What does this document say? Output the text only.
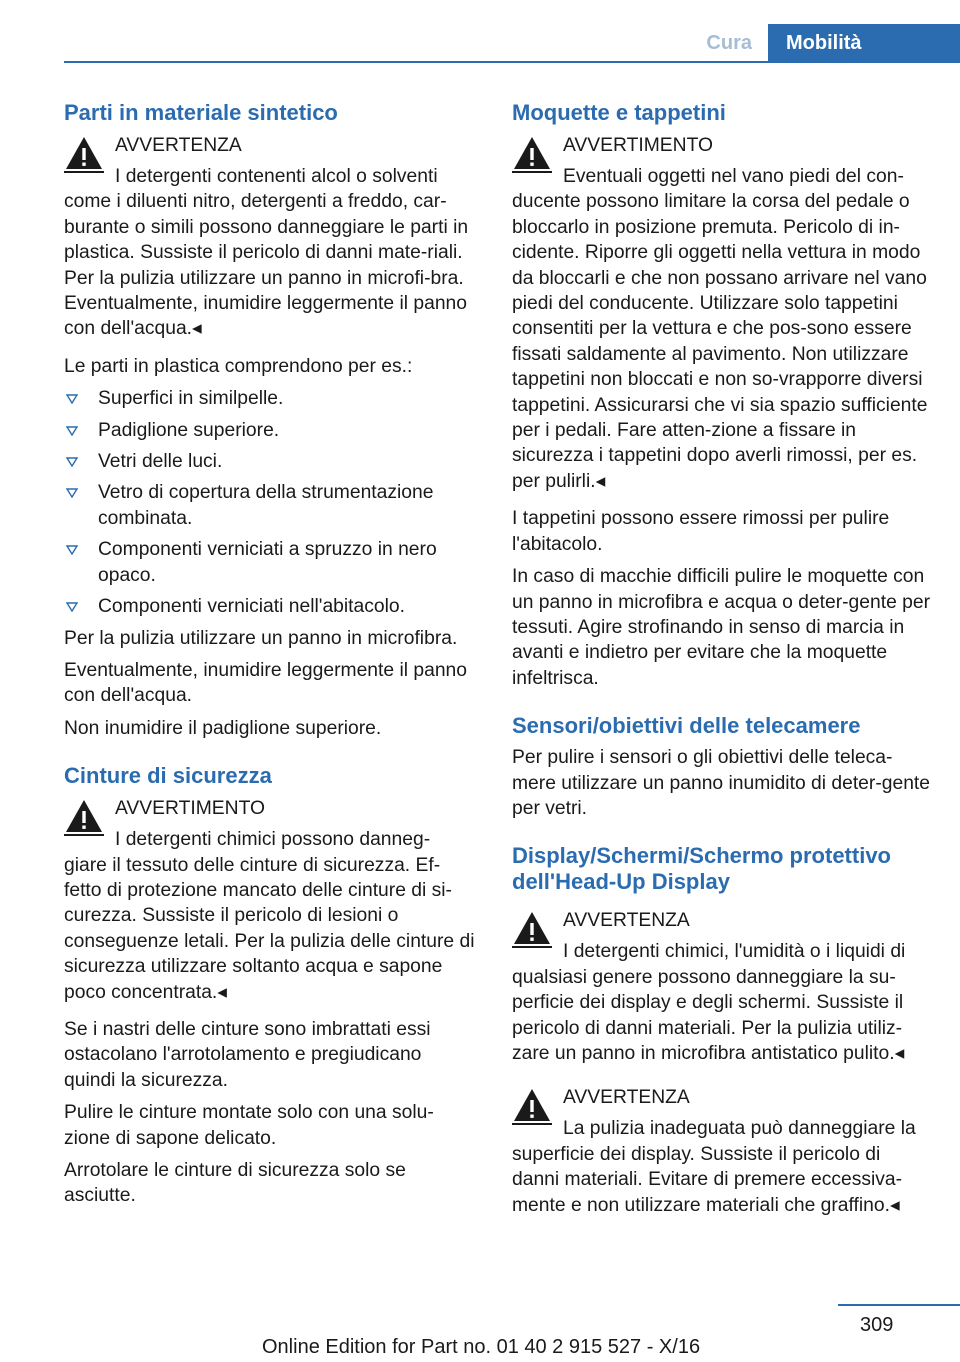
Cura	Mobilità
Parti in materiale sintetico
AVVERTENZA
I detergenti contenenti alcol o solventi
come i diluenti nitro, detergenti a freddo, car‐burante o simili possono danneggiare le parti in plastica. Sussiste il pericolo di danni mate‐riali. Per la pulizia utilizzare un panno in microfi‐bra. Eventualmente, inumidire leggermente il panno con dell'acqua.◂

Le parti in plastica comprendono per es.:

Superfici in similpelle.
Padiglione superiore.
Vetri delle luci.
Vetro di copertura della strumentazione combinata.
Componenti verniciati a spruzzo in nero opaco.
Componenti verniciati nell'abitacolo.

Per la pulizia utilizzare un panno in microfibra.

Eventualmente, inumidire leggermente il panno con dell'acqua.

Non inumidire il padiglione superiore.

Cinture di sicurezza
AVVERTIMENTO
I detergenti chimici possono danneg‐
giare il tessuto delle cinture di sicurezza. Ef‐fetto di protezione mancato delle cinture di si‐curezza. Sussiste il pericolo di lesioni o conseguenze letali. Per la pulizia delle cinture di sicurezza utilizzare soltanto acqua e sapone poco concentrata.◂

Se i nastri delle cinture sono imbrattati essi ostacolano l'arrotolamento e pregiudicano quindi la sicurezza.

Pulire le cinture montate solo con una solu‐zione di sapone delicato.

Arrotolare le cinture di sicurezza solo se asciutte.

Moquette e tappetini
AVVERTIMENTO
Eventuali oggetti nel vano piedi del con‐
ducente possono limitare la corsa del pedale o bloccarlo in posizione premuta. Pericolo di in‐cidente. Riporre gli oggetti nella vettura in modo da bloccarli e che non possano arrivare nel vano piedi del conducente. Utilizzare solo tappetini consentiti per la vettura e che pos‐sono essere fissati saldamente al pavimento. Non utilizzare tappetini non bloccati e non so‐vrapporre diversi tappetini. Assicurarsi che vi sia spazio sufficiente per i pedali. Fare atten‐zione a fissare in sicurezza i tappetini dopo averli rimossi, per es. per pulirli.◂

I tappetini possono essere rimossi per pulire l'abitacolo.

In caso di macchie difficili pulire le moquette con un panno in microfibra e acqua o deter‐gente per tessuti. Agire strofinando in senso di marcia in avanti e indietro per evitare che la moquette infeltrisca.

Sensori/obiettivi delle telecamere

Per pulire i sensori o gli obiettivi delle teleca‐mere utilizzare un panno inumidito di deter‐gente per vetri.

Display/Schermi/Schermo protettivo dell'Head-Up Display
AVVERTENZA
I detergenti chimici, l'umidità o i liquidi di
qualsiasi genere possono danneggiare la su‐perficie dei display e degli schermi. Sussiste il pericolo di danni materiali. Per la pulizia utiliz‐zare un panno in microfibra antistatico pulito.◂
AVVERTENZA
La pulizia inadeguata può danneggiare la
superficie dei display. Sussiste il pericolo di danni materiali. Evitare di premere eccessiva‐mente e non utilizzare materiali che graffino.◂
309
Online Edition for Part no. 01 40 2 915 527 - X/16
